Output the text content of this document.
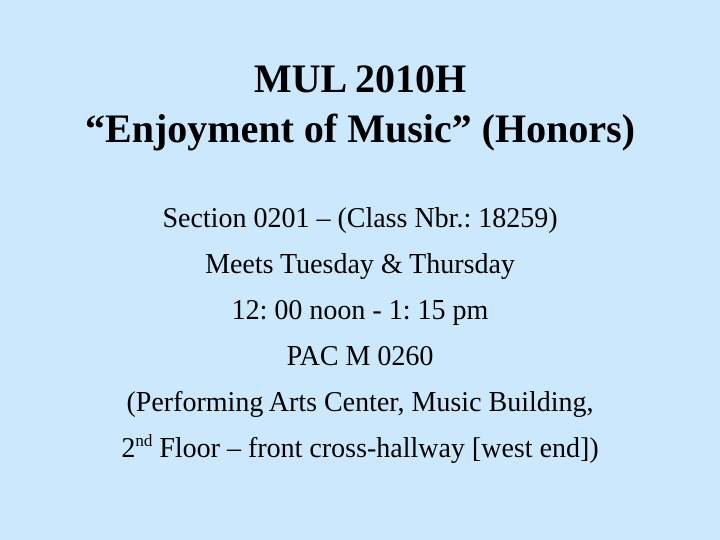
MUL 2010H
“Enjoyment of Music” (Honors)
Section 0201 – (Class Nbr.: 18259)
Meets Tuesday & Thursday
12: 00 noon - 1: 15 pm
PAC M 0260
(Performing Arts Center, Music Building,
2nd Floor – front cross-hallway [west end])
